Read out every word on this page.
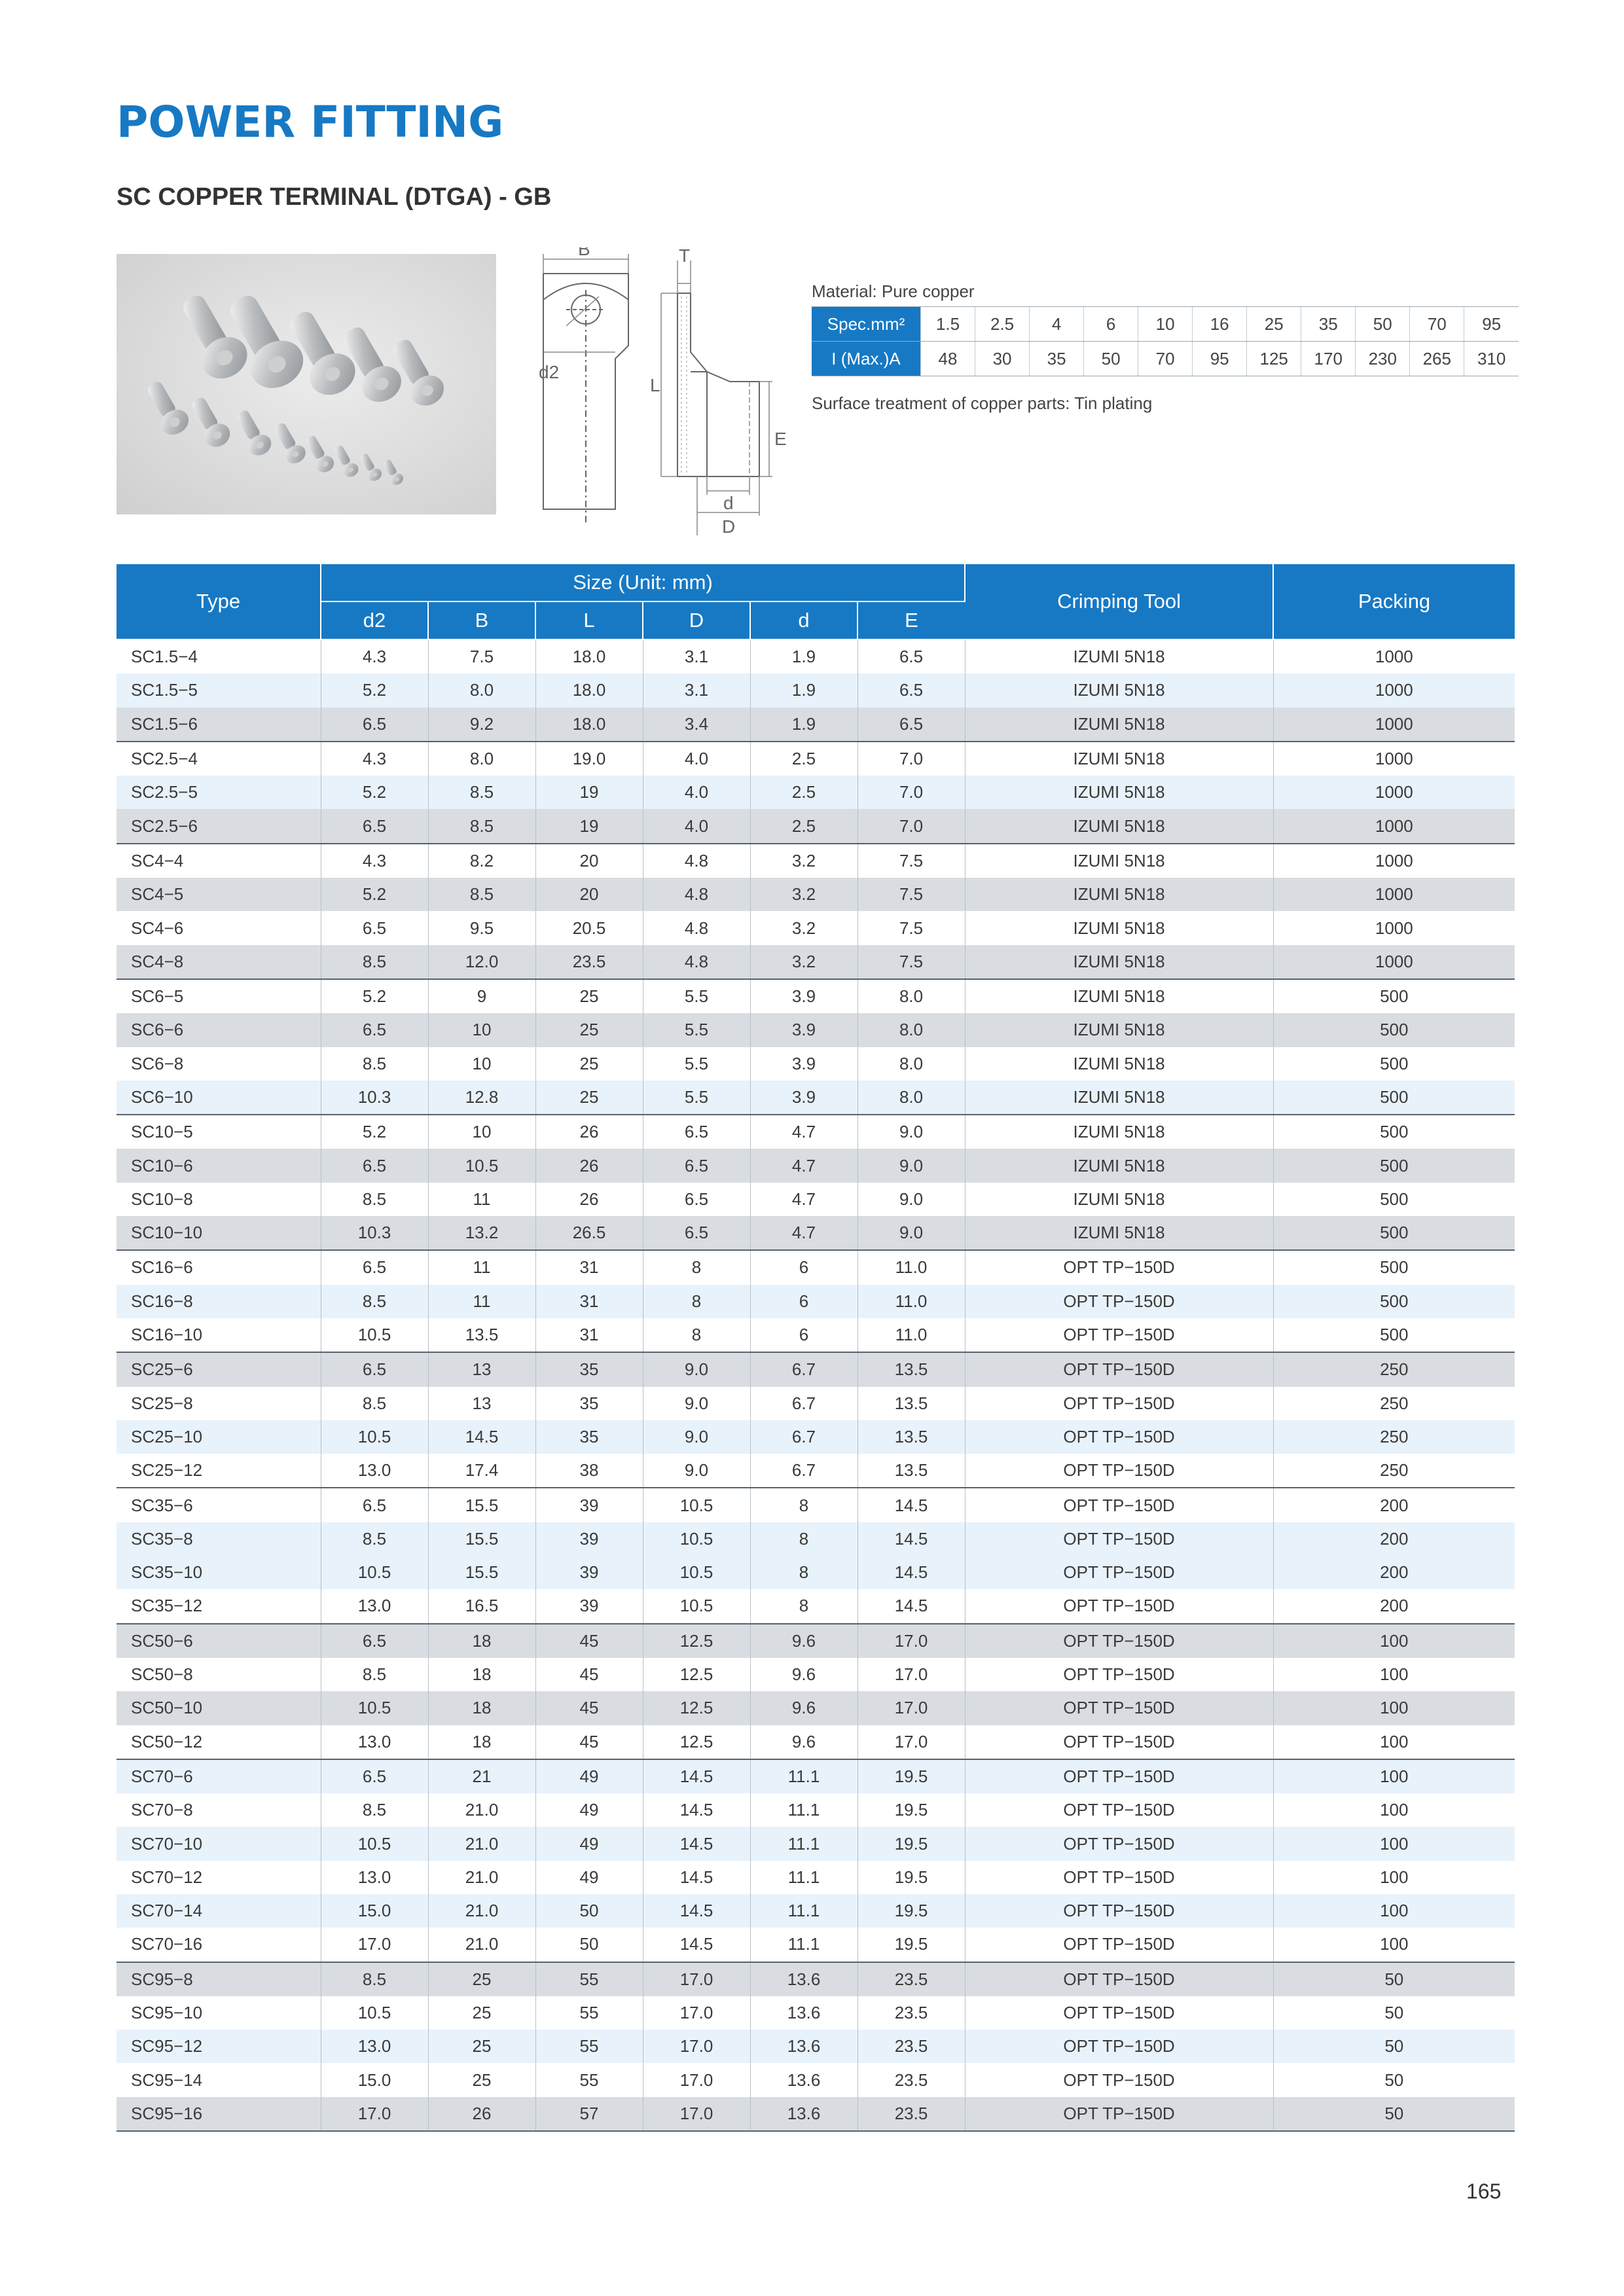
POWER FITTING
SC COPPER TERMINAL (DTGA) - GB
B
d2
L
T
E
d
D

Material: Pure copper

Spec.mm²	1.5	2.5	4	6	10	16	25	35	50	70	95
I (Max.)A	48	30	35	50	70	95	125	170	230	265	310

Surface treatment of copper parts: Tin plating

Type	Size (Unit: mm)						Crimping Tool	Packing
	d2	B	L	D	d	E		
SC1.5−4	4.3	7.5	18.0	3.1	1.9	6.5	IZUMI 5N18	1000
SC1.5−5	5.2	8.0	18.0	3.1	1.9	6.5	IZUMI 5N18	1000
SC1.5−6	6.5	9.2	18.0	3.4	1.9	6.5	IZUMI 5N18	1000
SC2.5−4	4.3	8.0	19.0	4.0	2.5	7.0	IZUMI 5N18	1000
SC2.5−5	5.2	8.5	19	4.0	2.5	7.0	IZUMI 5N18	1000
SC2.5−6	6.5	8.5	19	4.0	2.5	7.0	IZUMI 5N18	1000
SC4−4	4.3	8.2	20	4.8	3.2	7.5	IZUMI 5N18	1000
SC4−5	5.2	8.5	20	4.8	3.2	7.5	IZUMI 5N18	1000
SC4−6	6.5	9.5	20.5	4.8	3.2	7.5	IZUMI 5N18	1000
SC4−8	8.5	12.0	23.5	4.8	3.2	7.5	IZUMI 5N18	1000
SC6−5	5.2	9	25	5.5	3.9	8.0	IZUMI 5N18	500
SC6−6	6.5	10	25	5.5	3.9	8.0	IZUMI 5N18	500
SC6−8	8.5	10	25	5.5	3.9	8.0	IZUMI 5N18	500
SC6−10	10.3	12.8	25	5.5	3.9	8.0	IZUMI 5N18	500
SC10−5	5.2	10	26	6.5	4.7	9.0	IZUMI 5N18	500
SC10−6	6.5	10.5	26	6.5	4.7	9.0	IZUMI 5N18	500
SC10−8	8.5	11	26	6.5	4.7	9.0	IZUMI 5N18	500
SC10−10	10.3	13.2	26.5	6.5	4.7	9.0	IZUMI 5N18	500
SC16−6	6.5	11	31	8	6	11.0	OPT TP−150D	500
SC16−8	8.5	11	31	8	6	11.0	OPT TP−150D	500
SC16−10	10.5	13.5	31	8	6	11.0	OPT TP−150D	500
SC25−6	6.5	13	35	9.0	6.7	13.5	OPT TP−150D	250
SC25−8	8.5	13	35	9.0	6.7	13.5	OPT TP−150D	250
SC25−10	10.5	14.5	35	9.0	6.7	13.5	OPT TP−150D	250
SC25−12	13.0	17.4	38	9.0	6.7	13.5	OPT TP−150D	250
SC35−6	6.5	15.5	39	10.5	8	14.5	OPT TP−150D	200
SC35−8	8.5	15.5	39	10.5	8	14.5	OPT TP−150D	200
SC35−10	10.5	15.5	39	10.5	8	14.5	OPT TP−150D	200
SC35−12	13.0	16.5	39	10.5	8	14.5	OPT TP−150D	200
SC50−6	6.5	18	45	12.5	9.6	17.0	OPT TP−150D	100
SC50−8	8.5	18	45	12.5	9.6	17.0	OPT TP−150D	100
SC50−10	10.5	18	45	12.5	9.6	17.0	OPT TP−150D	100
SC50−12	13.0	18	45	12.5	9.6	17.0	OPT TP−150D	100
SC70−6	6.5	21	49	14.5	11.1	19.5	OPT TP−150D	100
SC70−8	8.5	21.0	49	14.5	11.1	19.5	OPT TP−150D	100
SC70−10	10.5	21.0	49	14.5	11.1	19.5	OPT TP−150D	100
SC70−12	13.0	21.0	49	14.5	11.1	19.5	OPT TP−150D	100
SC70−14	15.0	21.0	50	14.5	11.1	19.5	OPT TP−150D	100
SC70−16	17.0	21.0	50	14.5	11.1	19.5	OPT TP−150D	100
SC95−8	8.5	25	55	17.0	13.6	23.5	OPT TP−150D	50
SC95−10	10.5	25	55	17.0	13.6	23.5	OPT TP−150D	50
SC95−12	13.0	25	55	17.0	13.6	23.5	OPT TP−150D	50
SC95−14	15.0	25	55	17.0	13.6	23.5	OPT TP−150D	50
SC95−16	17.0	26	57	17.0	13.6	23.5	OPT TP−150D	50

165
